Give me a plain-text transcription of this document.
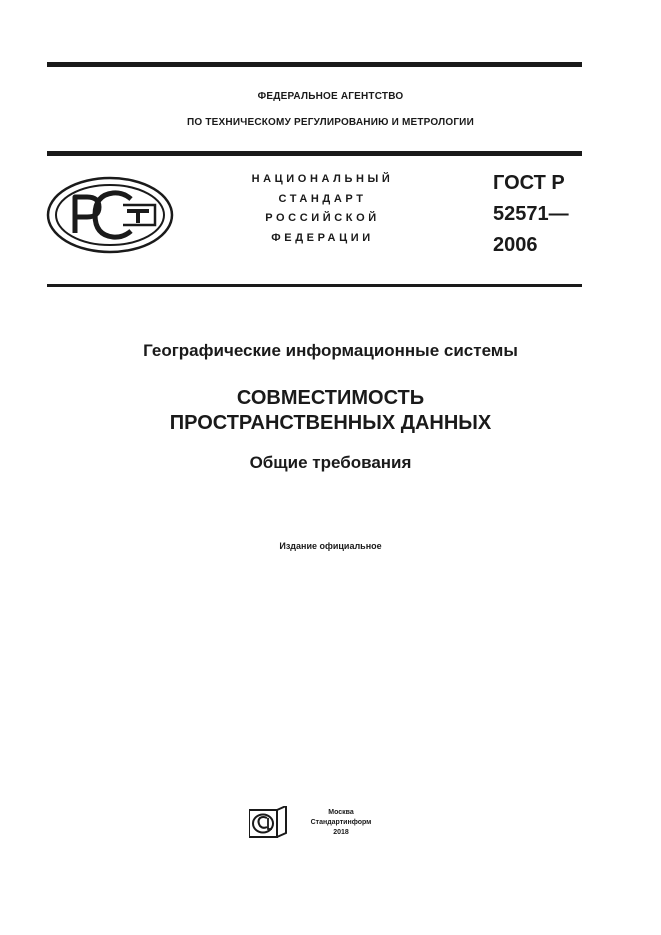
ФЕДЕРАЛЬНОЕ АГЕНТСТВО
ПО ТЕХНИЧЕСКОМУ РЕГУЛИРОВАНИЮ И МЕТРОЛОГИИ
НАЦИОНАЛЬНЫЙ
СТАНДАРТ
РОССИЙСКОЙ
ФЕДЕРАЦИИ
ГОСТ Р
52571—
2006
Географические информационные системы
СОВМЕСТИМОСТЬ
ПРОСТРАНСТВЕННЫХ ДАННЫХ
Общие требования
Издание официальное
Москва
Стандартинформ
2018
